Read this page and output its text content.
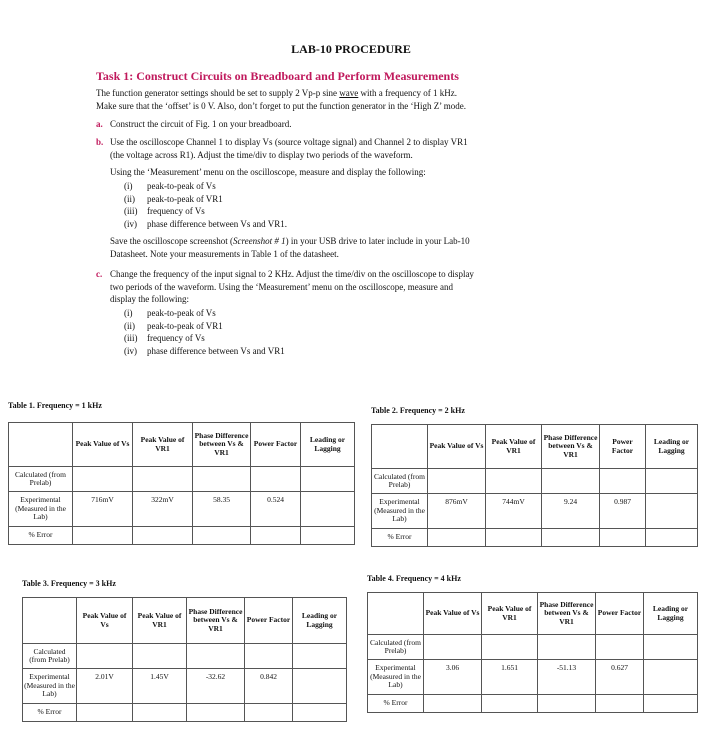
LAB-10 PROCEDURE
Task 1: Construct Circuits on Breadboard and Perform Measurements
The function generator settings should be set to supply 2 Vp-p sine wave with a frequency of 1 kHz.
Make sure that the ‘offset’ is 0 V. Also, don’t forget to put the function generator in the ‘High Z’ mode.
a. Construct the circuit of Fig. 1 on your breadboard.
b. Use the oscilloscope Channel 1 to display Vs (source voltage signal) and Channel 2 to display VR1
(the voltage across R1). Adjust the time/div to display two periods of the waveform.
Using the ‘Measurement’ menu on the oscilloscope, measure and display the following:
(i) peak-to-peak of Vs
(ii) peak-to-peak of VR1
(iii) frequency of Vs
(iv) phase difference between Vs and VR1.
Save the oscilloscope screenshot (Screenshot # 1) in your USB drive to later include in your Lab-10
Datasheet. Note your measurements in Table 1 of the datasheet.
c. Change the frequency of the input signal to 2 KHz. Adjust the time/div on the oscilloscope to display
two periods of the waveform. Using the ‘Measurement’ menu on the oscilloscope, measure and
display the following:
(i) peak-to-peak of Vs
(ii) peak-to-peak of VR1
(iii) frequency of Vs
(iv) phase difference between Vs and VR1
Table 1. Frequency = 1 kHz
	Peak Value of Vs	Peak Value of VR1	Phase Difference between Vs & VR1	Power Factor	Leading or Lagging
Calculated (from Prelab)					
Experimental (Measured in the Lab)	716mV	322mV	58.35	0.524	
% Error					
Table 2. Frequency = 2 kHz
	Peak Value of Vs	Peak Value of VR1	Phase Difference between Vs & VR1	Power Factor	Leading or Lagging
Calculated (from Prelab)					
Experimental (Measured in the Lab)	876mV	744mV	9.24	0.987	
% Error					
Table 3. Frequency = 3 kHz
	Peak Value of Vs	Peak Value of VR1	Phase Difference between Vs & VR1	Power Factor	Leading or Lagging
Calculated (from Prelab)					
Experimental (Measured in the Lab)	2.01V	1.45V	-32.62	0.842	
% Error					
Table 4. Frequency = 4 kHz
	Peak Value of Vs	Peak Value of VR1	Phase Difference between Vs & VR1	Power Factor	Leading or Lagging
Calculated (from Prelab)					
Experimental (Measured in the Lab)	3.06	1.651	-51.13	0.627	
% Error					
